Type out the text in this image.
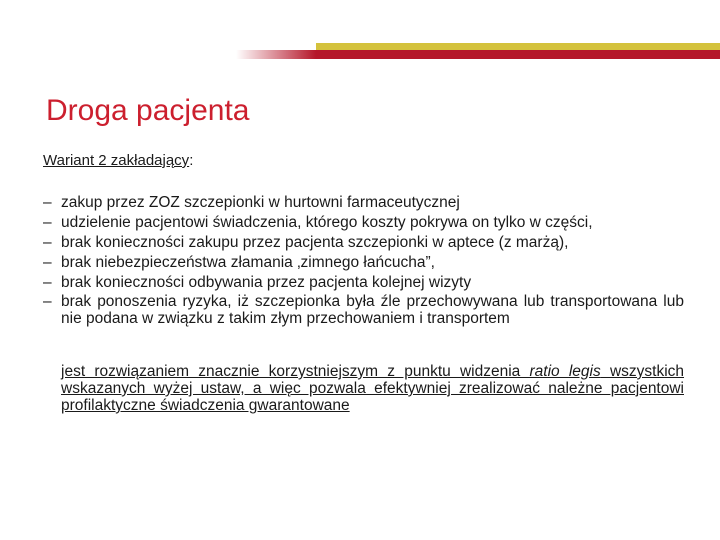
Droga pacjenta
Wariant 2 zakładający:
– zakup przez ZOZ szczepionki w hurtowni farmaceutycznej
– udzielenie pacjentowi świadczenia, którego koszty pokrywa on tylko w części,
– brak konieczności zakupu przez pacjenta szczepionki w aptece (z marżą),
– brak niebezpieczeństwa złamania ‚zimnego łańcucha”,
– brak konieczności odbywania przez pacjenta kolejnej wizyty
– brak ponoszenia ryzyka, iż szczepionka była źle przechowywana lub transportowana lub nie podana w związku z takim złym przechowaniem i transportem
jest rozwiązaniem znacznie korzystniejszym z punktu widzenia ratio legis wszystkich wskazanych wyżej ustaw, a więc pozwala efektywniej zrealizować należne pacjentowi profilaktyczne świadczenia gwarantowane
